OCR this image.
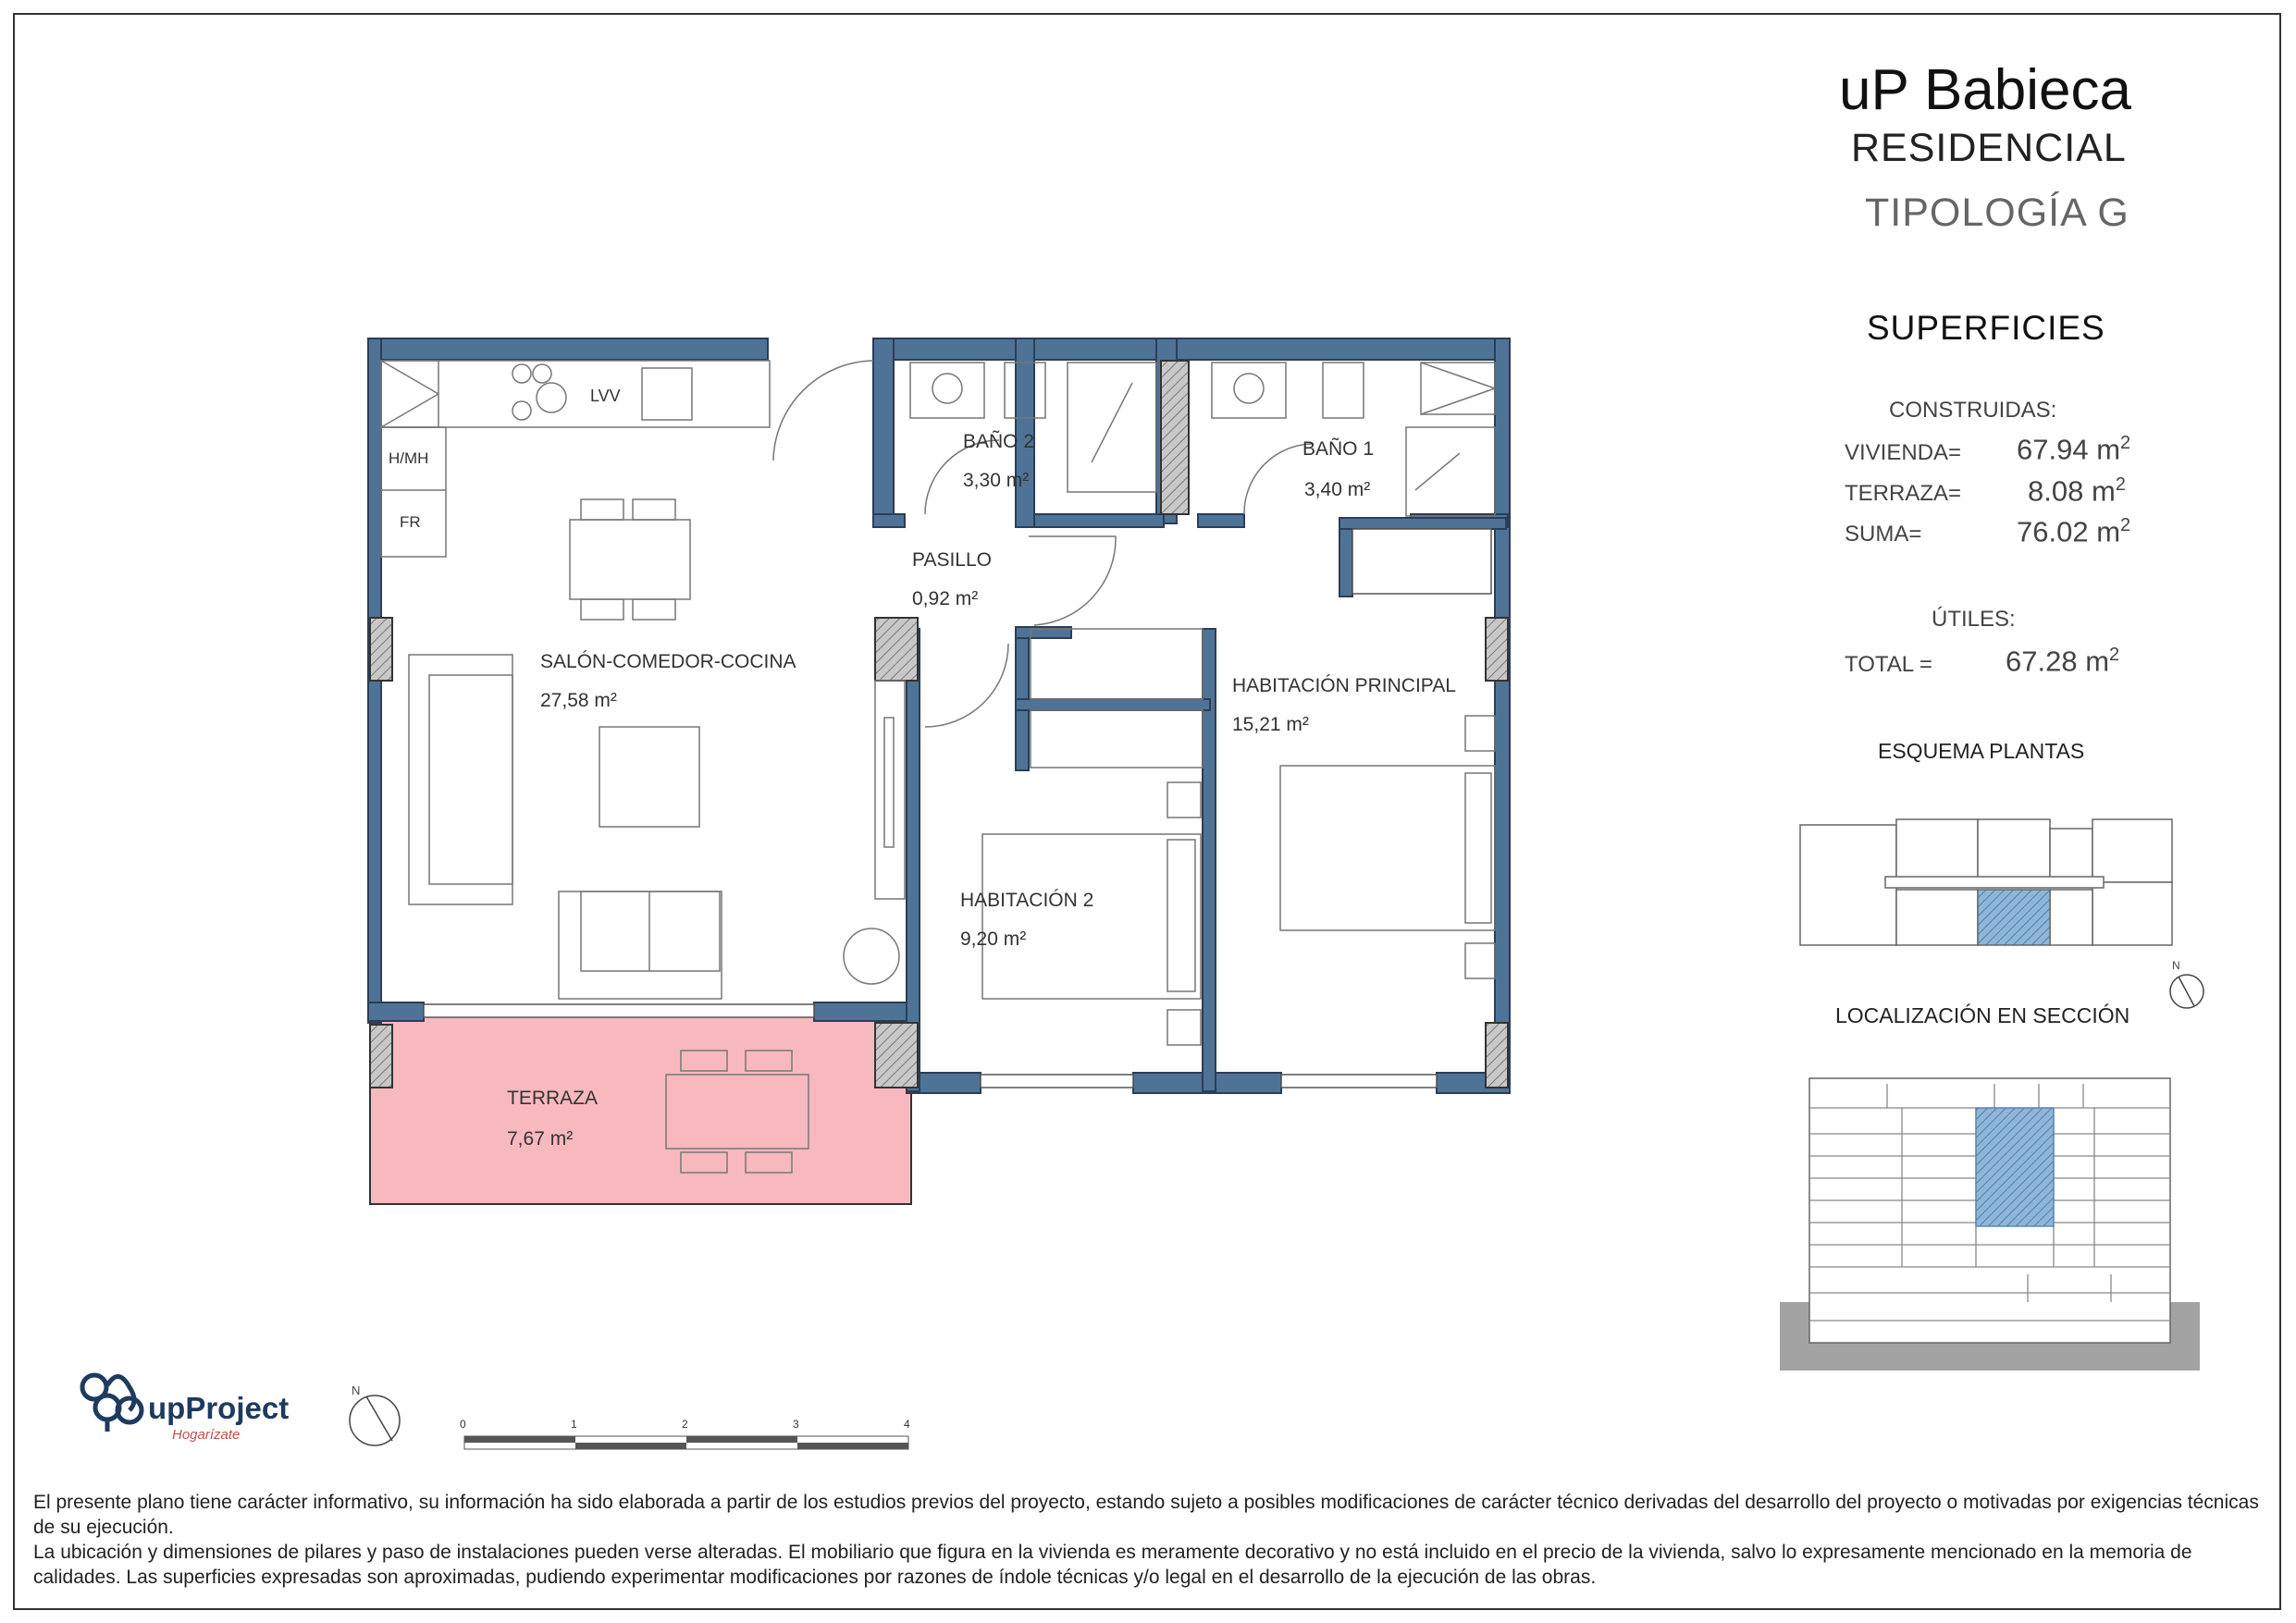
uP Babieca
RESIDENCIAL
TIPOLOGÍA G
SUPERFICIES
CONSTRUIDAS:
VIVIENDA= 67.94 $m^2$
TERRAZA= 8.08 $m^2$
SUMA=	76.02 $m^2$
ÚTILES:
TOTAL =	67.28 $m^2$
ESQUEMA PLANTAS
LOCALIZACIÓN EN SECCIÓN
SALÓN-COMEDOR-COCINA
27,58 m²
BAÑO 2
3,30 m²
BAÑO 1
3,40 m²
PASILLO
0,92 m²
HABITACIÓN PRINCIPAL
15,21 m²
HABITACIÓN 2
9,20 m²
TERRAZA
7,67 m²
LVV
H/MH
FR
N
upProject
Hogarízate
N
0	1	2	3	4

El presente plano tiene carácter informativo, su información ha sido elaborada a partir de los estudios previos del proyecto, estando sujeto a posibles modificaciones de carácter técnico derivadas del desarrollo del proyecto o motivadas por exigencias técnicas de su ejecución.

La ubicación y dimensiones de pilares y paso de instalaciones pueden verse alteradas. El mobiliario que figura en la vivienda es meramente decorativo y no está incluido en el precio de la vivienda, salvo lo expresamente mencionado en la memoria de calidades. Las superficies expresadas son aproximadas, pudiendo experimentar modificaciones por razones de índole técnicas y/o legal en el desarrollo de la ejecución de las obras.
